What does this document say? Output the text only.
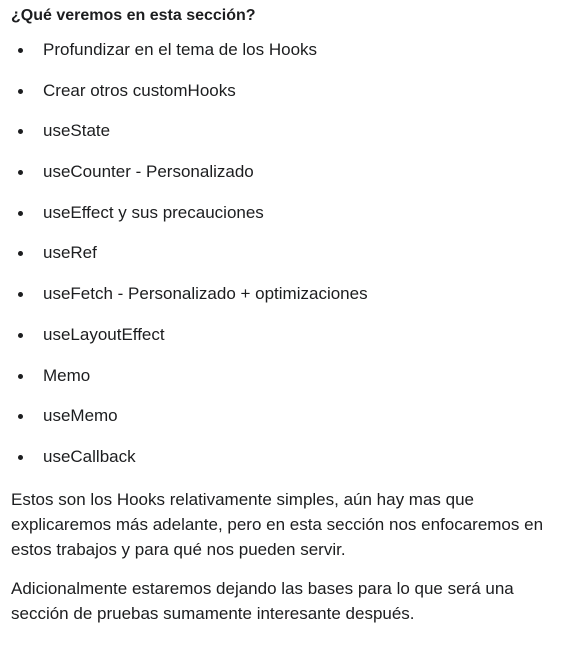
¿Qué veremos en esta sección?
Profundizar en el tema de los Hooks
Crear otros customHooks
useState
useCounter - Personalizado
useEffect y sus precauciones
useRef
useFetch - Personalizado + optimizaciones
useLayoutEffect
Memo
useMemo
useCallback

Estos son los Hooks relativamente simples, aún hay mas que explicaremos más adelante, pero en esta sección nos enfocaremos en estos trabajos y para qué nos pueden servir.

Adicionalmente estaremos dejando las bases para lo que será una sección de pruebas sumamente interesante después.
